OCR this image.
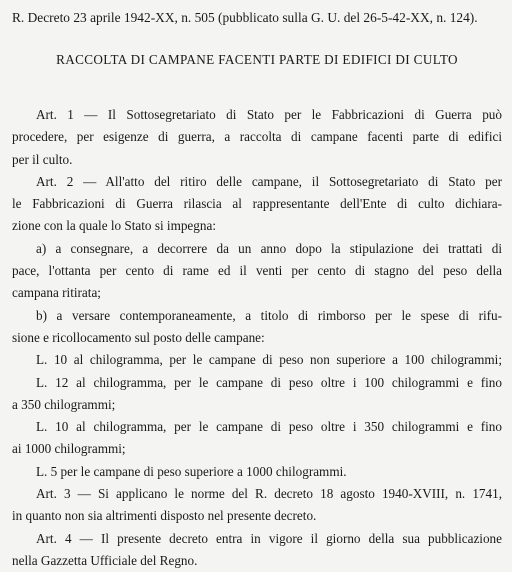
R. Decreto 23 aprile 1942-XX, n. 505 (pubblicato sulla G. U. del 26-5-42-XX, n. 124).
RACCOLTA DI CAMPANE FACENTI PARTE DI EDIFICI DI CULTO
Art. 1 — Il Sottosegretariato di Stato per le Fabbricazioni di Guerra può
procedere, per esigenze di guerra, a raccolta di campane facenti parte di edifici
per il culto.
Art. 2 — All'atto del ritiro delle campane, il Sottosegretariato di Stato per
le Fabbricazioni di Guerra rilascia al rappresentante dell'Ente di culto dichiara-
zione con la quale lo Stato si impegna:
a) a consegnare, a decorrere da un anno dopo la stipulazione dei trattati di
pace, l'ottanta per cento di rame ed il venti per cento di stagno del peso della
campana ritirata;
b) a versare contemporaneamente, a titolo di rimborso per le spese di rifu-
sione e ricollocamento sul posto delle campane:
L. 10 al chilogramma, per le campane di peso non superiore a 100 chilogrammi;
L. 12 al chilogramma, per le campane di peso oltre i 100 chilogrammi e fino
a 350 chilogrammi;
L. 10 al chilogramma, per le campane di peso oltre i 350 chilogrammi e fino
ai 1000 chilogrammi;
L. 5 per le campane di peso superiore a 1000 chilogrammi.
Art. 3 — Si applicano le norme del R. decreto 18 agosto 1940-XVIII, n. 1741,
in quanto non sia altrimenti disposto nel presente decreto.
Art. 4 — Il presente decreto entra in vigore il giorno della sua pubblicazione
nella Gazzetta Ufficiale del Regno.
